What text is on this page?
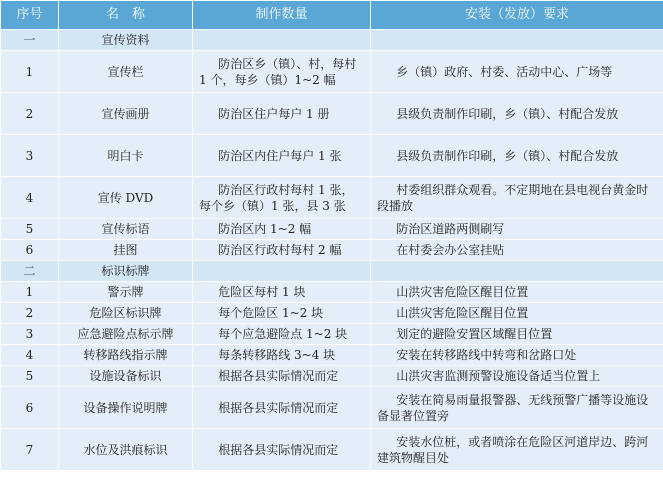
序号	名　称	制作数量	安装（发放）要求
一	宣传资料		
1	宣传栏	防治区乡（镇）、村，每村 1 个，每乡（镇）1~2 幅	乡（镇）政府、村委、活动中心、广场等
2	宣传画册	防治区住户每户 1 册	县级负责制作印刷，乡（镇）、村配合发放
3	明白卡	防治区内住户每户 1 张	县级负责制作印刷，乡（镇）、村配合发放
4	宣传 DVD	防治区行政村每村 1 张，每个乡（镇）1 张，县 3 张	村委组织群众观看。不定期地在县电视台黄金时段播放
5	宣传标语	防治区内 1~2 幅	防治区道路两侧刷写
6	挂图	防治区行政村每村 2 幅	在村委会办公室挂贴
二	标识标牌		
1	警示牌	危险区每村 1 块	山洪灾害危险区醒目位置
2	危险区标识牌	每个危险区 1~2 块	山洪灾害危险区醒目位置
3	应急避险点标示牌	每个应急避险点 1~2 块	划定的避险安置区域醒目位置
4	转移路线指示牌	每条转移路线 3~4 块	安装在转移路线中转弯和岔路口处
5	设施设备标识	根据各县实际情况而定	山洪灾害监测预警设施设备适当位置上
6	设备操作说明牌	根据各县实际情况而定	安装在简易雨量报警器、无线预警广播等设施设备显著位置旁
7	水位及洪痕标识	根据各县实际情况而定	安装水位桩，或者喷涂在危险区河道岸边、跨河建筑物醒目处
